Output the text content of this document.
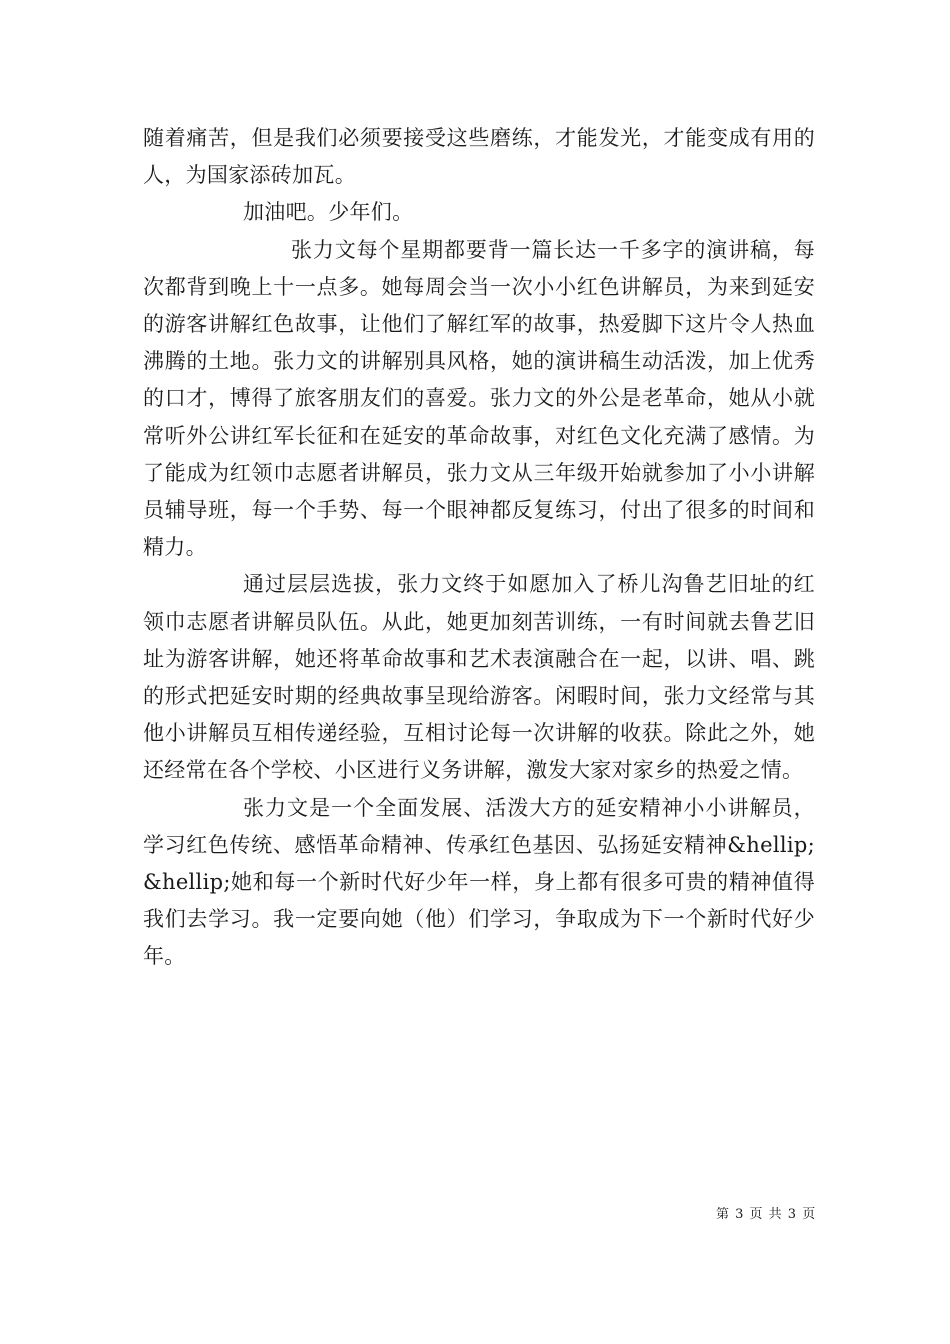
随着痛苦，但是我们必须要接受这些磨练，才能发光，才能变成有用的人，为国家添砖加瓦。

加油吧。少年们。

张力文每个星期都要背一篇长达一千多字的演讲稿，每次都背到晚上十一点多。她每周会当一次小小红色讲解员，为来到延安的游客讲解红色故事，让他们了解红军的故事，热爱脚下这片令人热血沸腾的土地。张力文的讲解别具风格，她的演讲稿生动活泼，加上优秀的口才，博得了旅客朋友们的喜爱。张力文的外公是老革命，她从小就常听外公讲红军长征和在延安的革命故事，对红色文化充满了感情。为了能成为红领巾志愿者讲解员，张力文从三年级开始就参加了小小讲解员辅导班，每一个手势、每一个眼神都反复练习，付出了很多的时间和精力。

通过层层选拔，张力文终于如愿加入了桥儿沟鲁艺旧址的红领巾志愿者讲解员队伍。从此，她更加刻苦训练，一有时间就去鲁艺旧址为游客讲解，她还将革命故事和艺术表演融合在一起，以讲、唱、跳的形式把延安时期的经典故事呈现给游客。闲暇时间，张力文经常与其他小讲解员互相传递经验，互相讨论每一次讲解的收获。除此之外，她还经常在各个学校、小区进行义务讲解，激发大家对家乡的热爱之情。

张力文是一个全面发展、活泼大方的延安精神小小讲解员，学习红色传统、感悟革命精神、传承红色基因、弘扬延安精神&hellip;&hellip;她和每一个新时代好少年一样，身上都有很多可贵的精神值得我们去学习。我一定要向她（他）们学习，争取成为下一个新时代好少年。

第 3 页 共 3 页
